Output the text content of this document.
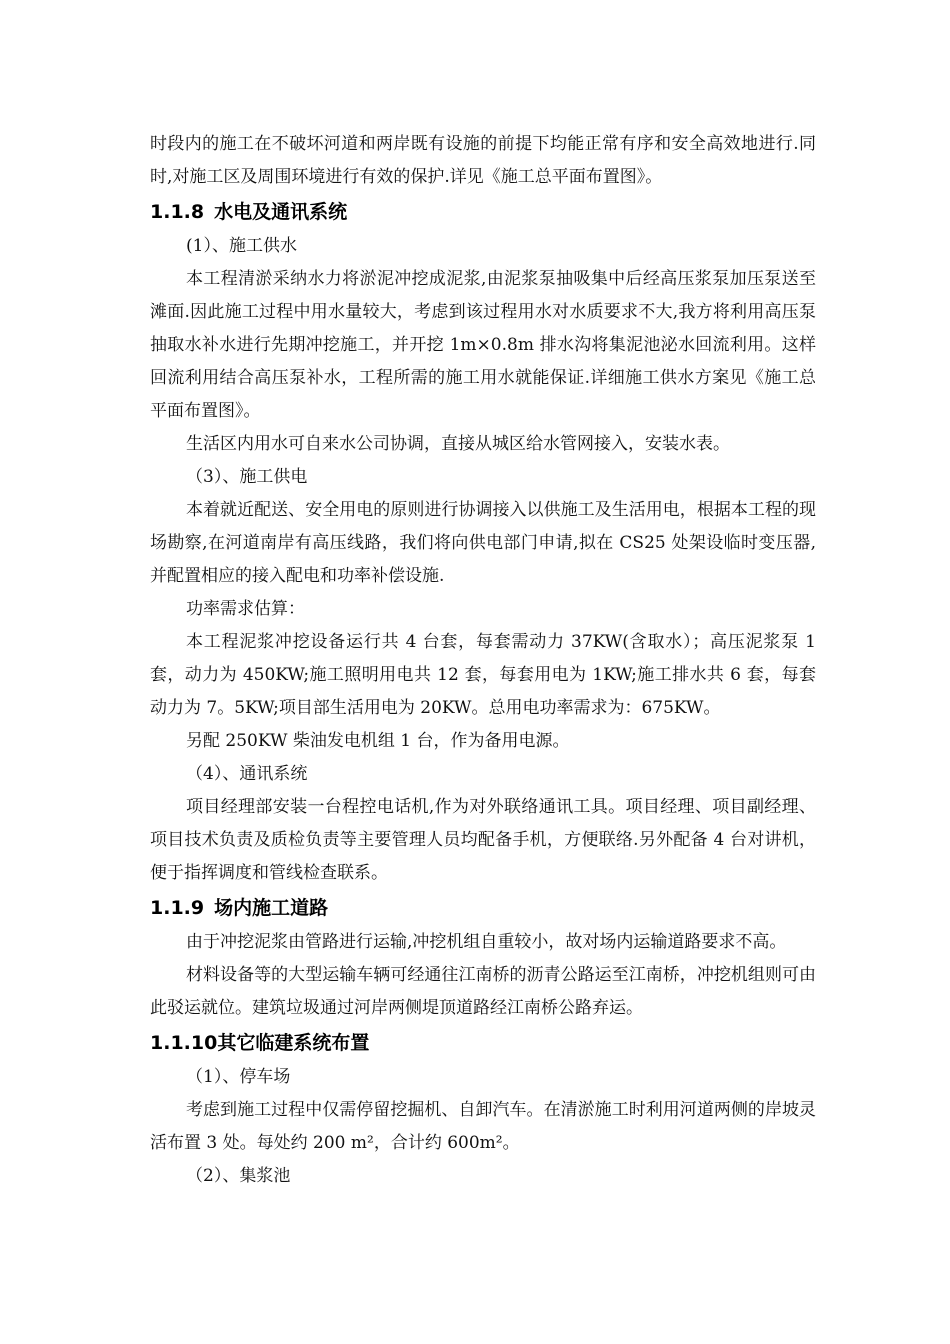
时段内的施工在不破坏河道和两岸既有设施的前提下均能正常有序和安全高效地进行.同时,对施工区及周围环境进行有效的保护.详见《施工总平面布置图》。

1.1.8 水电及通讯系统

(1）、施工供水

本工程清淤采纳水力将淤泥冲挖成泥浆,由泥浆泵抽吸集中后经高压浆泵加压泵送至滩面.因此施工过程中用水量较大，考虑到该过程用水对水质要求不大,我方将利用高压泵抽取水补水进行先期冲挖施工，并开挖 1m×0.8m 排水沟将集泥池泌水回流利用。这样回流利用结合高压泵补水，工程所需的施工用水就能保证.详细施工供水方案见《施工总平面布置图》。

生活区内用水可自来水公司协调，直接从城区给水管网接入，安装水表。

（3）、施工供电

本着就近配送、安全用电的原则进行协调接入以供施工及生活用电，根据本工程的现场勘察,在河道南岸有高压线路，我们将向供电部门申请,拟在 CS25 处架设临时变压器,并配置相应的接入配电和功率补偿设施.

功率需求估算：

本工程泥浆冲挖设备运行共 4 台套，每套需动力 37KW(含取水）；高压泥浆泵 1 套，动力为 450KW;施工照明用电共 12 套，每套用电为 1KW;施工排水共 6 套，每套动力为 7。5KW;项目部生活用电为 20KW。总用电功率需求为：675KW。

另配 250KW 柴油发电机组 1 台，作为备用电源。

（4）、通讯系统

项目经理部安装一台程控电话机,作为对外联络通讯工具。项目经理、项目副经理、项目技术负责及质检负责等主要管理人员均配备手机，方便联络.另外配备 4 台对讲机，便于指挥调度和管线检查联系。

1.1.9 场内施工道路

由于冲挖泥浆由管路进行运输,冲挖机组自重较小，故对场内运输道路要求不高。

材料设备等的大型运输车辆可经通往江南桥的沥青公路运至江南桥，冲挖机组则可由此驳运就位。建筑垃圾通过河岸两侧堤顶道路经江南桥公路弃运。

1.1.10其它临建系统布置

（1）、停车场

考虑到施工过程中仅需停留挖掘机、自卸汽车。在清淤施工时利用河道两侧的岸坡灵活布置 3 处。每处约 200 m²，合计约 600m²。

（2）、集浆池
